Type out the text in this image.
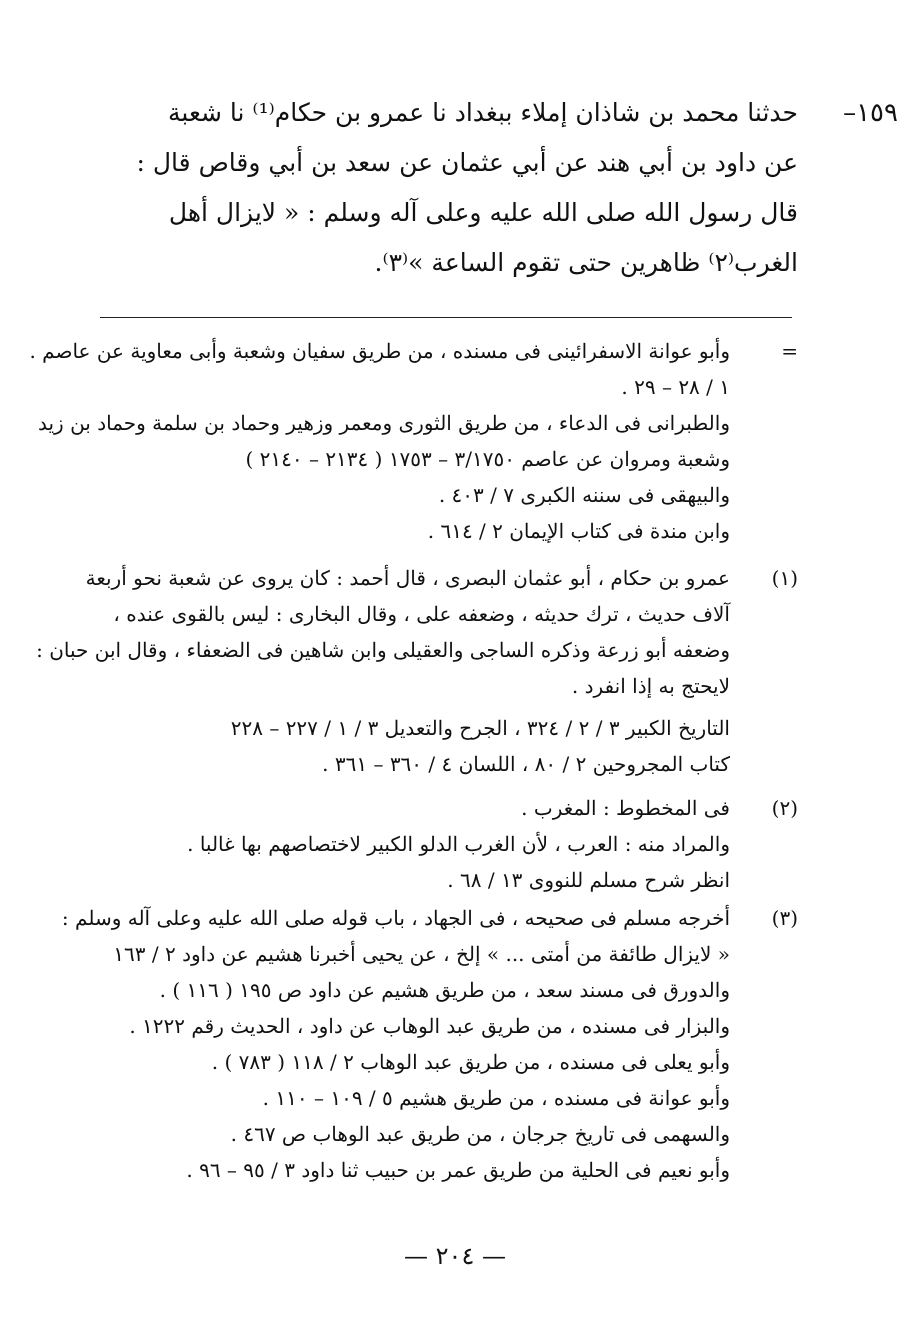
١٥٩–
حدثنا محمد بن شاذان إملاء ببغداد نا عمرو بن حكام⁽¹⁾ نا شعبة
عن داود بن أبي هند عن أبي عثمان عن سعد بن أبي وقاص قال :
قال رسول الله صلى الله عليه وعلى آله وسلم : « لايزال أهل
الغرب⁽٢⁾ ظاهرين حتى تقوم الساعة »⁽٣⁾.
=
وأبو عوانة الاسفرائينى فى مسنده ، من طريق سفيان وشعبة وأبى معاوية عن عاصم .
١ / ٢٨ – ٢٩ .
والطبرانى فى الدعاء ، من طريق الثورى ومعمر وزهير وحماد بن سلمة وحماد بن زيد
وشعبة ومروان عن عاصم ٣/١٧٥٠ – ١٧٥٣ ( ٢١٣٤ – ٢١٤٠ )
والبيهقى فى سننه الكبرى ٧ / ٤٠٣ .
وابن مندة فى كتاب الإيمان ٢ / ٦١٤ .
(١)
عمرو بن حكام ، أبو عثمان البصرى ، قال أحمد : كان يروى عن شعبة نحو أربعة
آلاف حديث ، ترك حديثه ، وضعفه على ، وقال البخارى : ليس بالقوى عنده ،
وضعفه أبو زرعة وذكره الساجى والعقيلى وابن شاهين فى الضعفاء ، وقال ابن حبان :
لايحتج به إذا انفرد .
التاريخ الكبير ٣ / ٢ / ٣٢٤ ، الجرح والتعديل ٣ / ١ / ٢٢٧ – ٢٢٨
كتاب المجروحين ٢ / ٨٠ ، اللسان ٤ / ٣٦٠ – ٣٦١ .
(٢)
فى المخطوط : المغرب .
والمراد منه : العرب ، لأن الغرب الدلو الكبير لاختصاصهم بها غالبا .
انظر شرح مسلم للنووى ١٣ / ٦٨ .
(٣)
أخرجه مسلم فى صحيحه ، فى الجهاد ، باب قوله صلى الله عليه وعلى آله وسلم :
« لايزال طائفة من أمتى ... » إلخ ، عن يحيى أخبرنا هشيم عن داود ٢ / ١٦٣
والدورق فى مسند سعد ، من طريق هشيم عن داود ص ١٩٥ ( ١١٦ ) .
والبزار فى مسنده ، من طريق عبد الوهاب عن داود ، الحديث رقم ١٢٢٢ .
وأبو يعلى فى مسنده ، من طريق عبد الوهاب ٢ / ١١٨ ( ٧٨٣ ) .
وأبو عوانة فى مسنده ، من طريق هشيم ٥ / ١٠٩ – ١١٠ .
والسهمى فى تاريخ جرجان ، من طريق عبد الوهاب ص ٤٦٧ .
وأبو نعيم فى الحلية من طريق عمر بن حبيب ثنا داود ٣ / ٩٥ – ٩٦ .
— ٢٠٤ —
